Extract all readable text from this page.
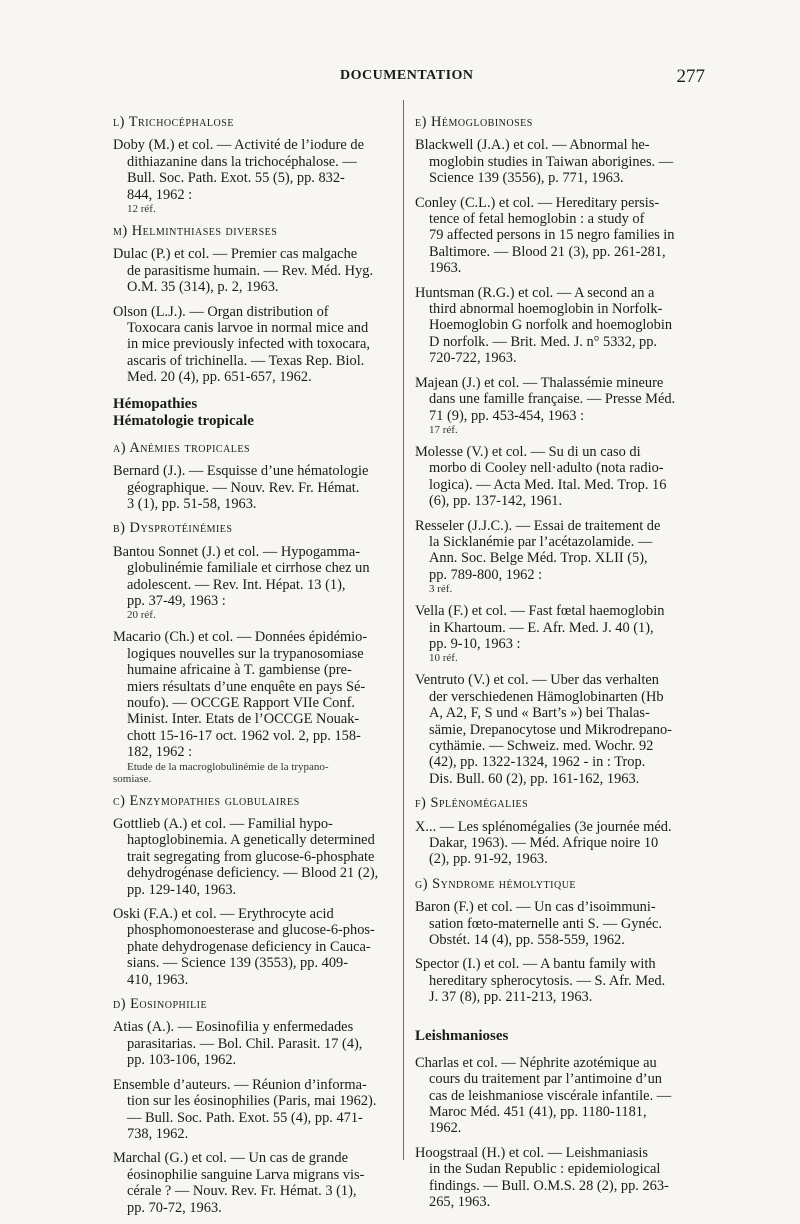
DOCUMENTATION	277
l) Trichocéphalose

Doby (M.) et col. — Activité de l’iodure de

dithiazanine dans la trichocéphalose. —

Bull. Soc. Path. Exot. 55 (5), pp. 832-

844, 1962 :

12 réf.

m) Helminthiases diverses

Dulac (P.) et col. — Premier cas malgache

de parasitisme humain. — Rev. Méd. Hyg.

O.M. 35 (314), p. 2, 1963.

Olson (L.J.). — Organ distribution of

Toxocara canis larvoe in normal mice and

in mice previously infected with toxocara,

ascaris of trichinella. — Texas Rep. Biol.

Med. 20 (4), pp. 651-657, 1962.

Hémopathies
Hématologie tropicale
a) Anémies tropicales

Bernard (J.). — Esquisse d’une hématologie

géographique. — Nouv. Rev. Fr. Hémat.

3 (1), pp. 51-58, 1963.

b) Dysprotéinémies

Bantou Sonnet (J.) et col. — Hypogamma-

globulinémie familiale et cirrhose chez un

adolescent. — Rev. Int. Hépat. 13 (1),

pp. 37-49, 1963 :

20 réf.

Macario (Ch.) et col. — Données épidémio-

logiques nouvelles sur la trypanosomiase

humaine africaine à T. gambiense (pre-

miers résultats d’une enquête en pays Sé-

noufo). — OCCGE Rapport VIIe Conf.

Minist. Inter. Etats de l’OCCGE Nouak-

chott 15-16-17 oct. 1962 vol. 2, pp. 158-

182, 1962 :

Etude de la macroglobulinémie de la trypano-

somiase.

c) Enzymopathies globulaires

Gottlieb (A.) et col. — Familial hypo-

haptoglobinemia. A genetically determined

trait segregating from glucose-6-phosphate

dehydrogénase deficiency. — Blood 21 (2),

pp. 129-140, 1963.

Oski (F.A.) et col. — Erythrocyte acid

phosphomonoesterase and glucose-6-phos-

phate dehydrogenase deficiency in Cauca-

sians. — Science 139 (3553), pp. 409-

410, 1963.

d) Eosinophilie

Atias (A.). — Eosinofilia y enfermedades

parasitarias. — Bol. Chil. Parasit. 17 (4),

pp. 103-106, 1962.

Ensemble d’auteurs. — Réunion d’informa-

tion sur les éosinophilies (Paris, mai 1962).

— Bull. Soc. Path. Exot. 55 (4), pp. 471-

738, 1962.

Marchal (G.) et col. — Un cas de grande

éosinophilie sanguine Larva migrans vis-

cérale ? — Nouv. Rev. Fr. Hémat. 3 (1),

pp. 70-72, 1963.

e) Hémoglobinoses

Blackwell (J.A.) et col. — Abnormal he-

moglobin studies in Taiwan aborigines. —

Science 139 (3556), p. 771, 1963.

Conley (C.L.) et col. — Hereditary persis-

tence of fetal hemoglobin : a study of

79 affected persons in 15 negro families in

Baltimore. — Blood 21 (3), pp. 261-281,

1963.

Huntsman (R.G.) et col. — A second an a

third abnormal hoemoglobin in Norfolk-

Hoemoglobin G norfolk and hoemoglobin

D norfolk. — Brit. Med. J. n° 5332, pp.

720-722, 1963.

Majean (J.) et col. — Thalassémie mineure

dans une famille française. — Presse Méd.

71 (9), pp. 453-454, 1963 :

17 réf.

Molesse (V.) et col. — Su di un caso di

morbo di Cooley nell·adulto (nota radio-

logica). — Acta Med. Ital. Med. Trop. 16

(6), pp. 137-142, 1961.

Resseler (J.J.C.). — Essai de traitement de

la Sicklanémie par l’acétazolamide. —

Ann. Soc. Belge Méd. Trop. XLII (5),

pp. 789-800, 1962 :

3 réf.

Vella (F.) et col. — Fast fœtal haemoglobin

in Khartoum. — E. Afr. Med. J. 40 (1),

pp. 9-10, 1963 :

10 réf.

Ventruto (V.) et col. — Uber das verhalten

der verschiedenen Hämoglobinarten (Hb

A, A2, F, S und « Bart’s ») bei Thalas-

sämie, Drepanocytose und Mikrodrepano-

cythämie. — Schweiz. med. Wochr. 92

(42), pp. 1322-1324, 1962 - in : Trop.

Dis. Bull. 60 (2), pp. 161-162, 1963.

f) Splénomégalies

X... — Les splénomégalies (3e journée méd.

Dakar, 1963). — Méd. Afrique noire 10

(2), pp. 91-92, 1963.

g) Syndrome hémolytique

Baron (F.) et col. — Un cas d’isoimmuni-

sation fœto-maternelle anti S. — Gynéc.

Obstét. 14 (4), pp. 558-559, 1962.

Spector (I.) et col. — A bantu family with

hereditary spherocytosis. — S. Afr. Med.

J. 37 (8), pp. 211-213, 1963.

Leishmanioses

Charlas et col. — Néphrite azotémique au

cours du traitement par l’antimoine d’un

cas de leishmaniose viscérale infantile. —

Maroc Méd. 451 (41), pp. 1180-1181,

1962.

Hoogstraal (H.) et col. — Leishmaniasis

in the Sudan Republic : epidemiological

findings. — Bull. O.M.S. 28 (2), pp. 263-

265, 1963.
